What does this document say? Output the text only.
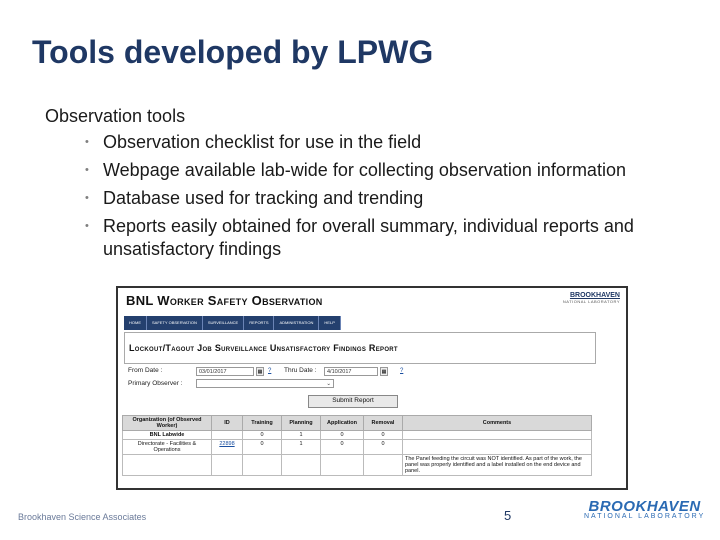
Tools developed by LPWG
Observation tools
• Observation checklist for use in the field
• Webpage available lab-wide for collecting observation information
• Database used for tracking and trending
• Reports easily obtained for overall summary, individual reports and unsatisfactory findings
BNL Worker Safety Observation	BROOKHAVEN
NATIONAL LABORATORY
HOME	SAFETY OBSERVATION	SURVEILLANCE	REPORTS	ADMINISTRATION	HELP
Lockout/Tagout Job Surveillance Unsatisfactory Findings Report
From Date :	03/01/2017	▦ ? Thru Date :	4/10/2017	▦ ?
Primary Observer :	⌄
Submit Report
Organization (of Observed Worker)	ID	Training	Planning	Application	Removal	Comments
BNL Labwide		0	1	0	0	
Directorate - Facilities & Operations	22898	0	1	0	0	
						The Panel feeding the circuit was NOT identified. As part of the work, the panel was properly identified and a label installed on the end device and panel.
Brookhaven Science Associates	5
BROOKHAVEN
NATIONAL LABORATORY
